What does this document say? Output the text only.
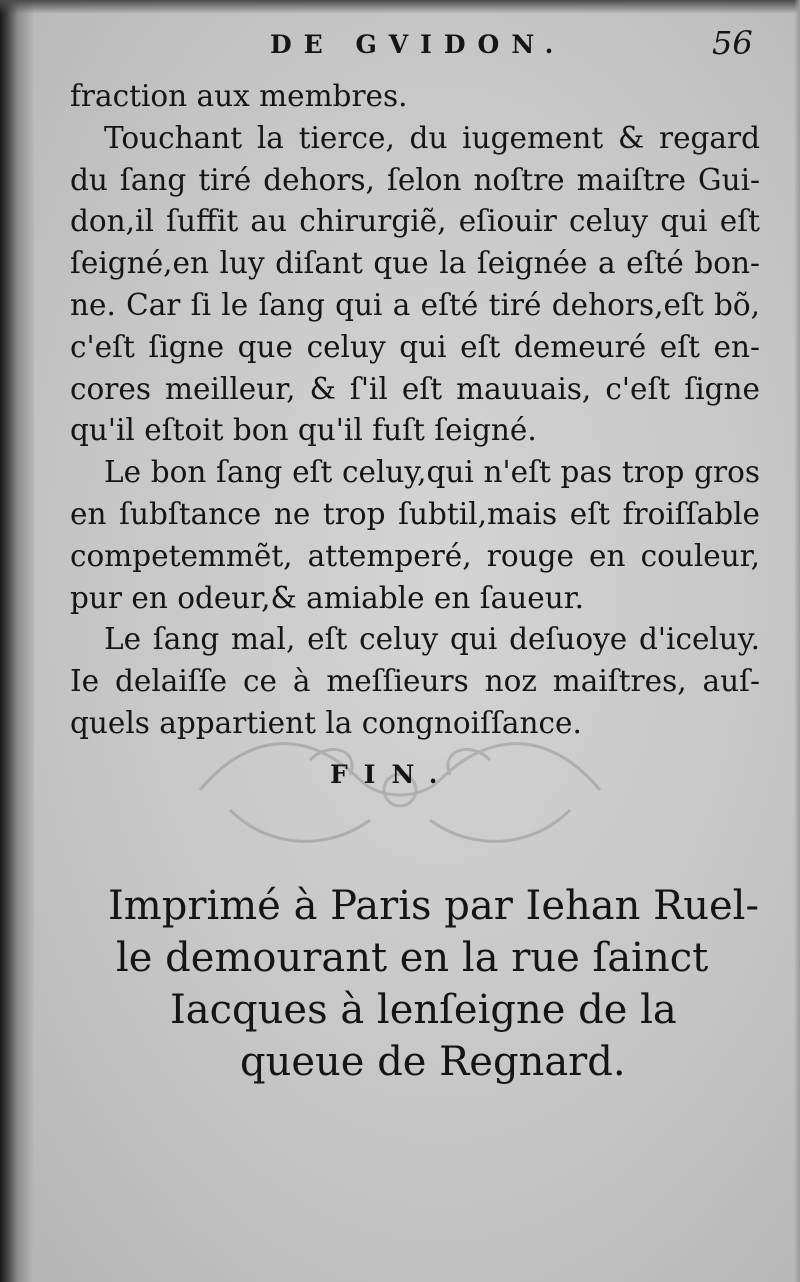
DE GVIDON.	56
fraction aux membres.
Touchant la tierce, du iugement & regard
du ſang tiré dehors, ſelon noſtre maiſtre Gui-
don,il ſuffit au chirurgiẽ, eſiouir celuy qui eſt
ſeigné,en luy diſant que la ſeignée a eſté bon-
ne. Car ſi le ſang qui a eſté tiré dehors,eſt bõ,
c'eſt ſigne que celuy qui eſt demeuré eſt en-
cores meilleur, & ſ'il eſt mauuais, c'eſt ſigne
qu'il eſtoit bon qu'il fuſt ſeigné.
Le bon ſang eſt celuy,qui n'eſt pas trop gros
en ſubſtance ne trop ſubtil,mais eſt froiſſable
competemmẽt, attemperé, rouge en couleur,
pur en odeur,& amiable en ſaueur.
Le ſang mal, eſt celuy qui deſuoye d'iceluy.
Ie delaiſſe ce à meſſieurs noz maiſtres, auſ-
quels appartient la congnoiſſance.
FIN.
Imprimé à Paris par Iehan Ruel-
le demourant en la rue ſainct
Iacques à lenſeigne de la
queue de Regnard.
